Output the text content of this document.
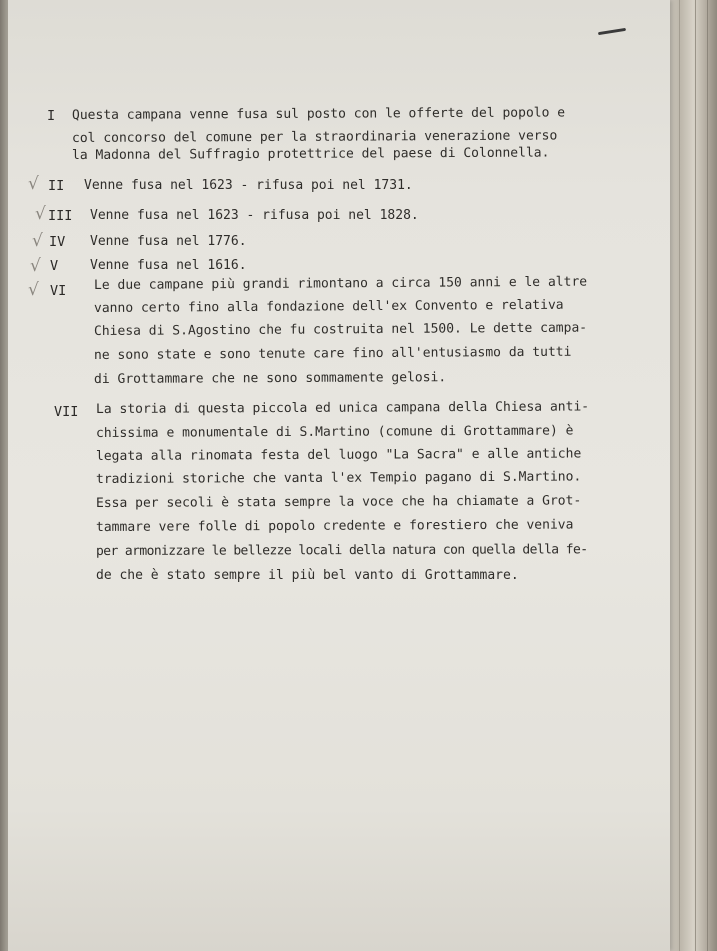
√
√
√
√
√
I Questa campana venne fusa sul posto con le offerte del popolo e
col concorso del comune per la straordinaria venerazione verso
la Madonna del Suffragio protettrice del paese di Colonnella.
II Venne fusa nel 1623 - rifusa poi nel 1731.
III Venne fusa nel 1623 - rifusa poi nel 1828.
IV Venne fusa nel 1776.
V Venne fusa nel 1616.
VI Le due campane più grandi rimontano a circa 150 anni e le altre
vanno certo fino alla fondazione dell'ex Convento e relativa
Chiesa di S.Agostino che fu costruita nel 1500. Le dette campa-
ne sono state e sono tenute care fino all'entusiasmo da tutti
di Grottammare che ne sono sommamente gelosi.
VII La storia di questa piccola ed unica campana della Chiesa anti-
chissima e monumentale di S.Martino (comune di Grottammare) è
legata alla rinomata festa del luogo "La Sacra" e alle antiche
tradizioni storiche che vanta l'ex Tempio pagano di S.Martino.
Essa per secoli è stata sempre la voce che ha chiamate a Grot-
tammare vere folle di popolo credente e forestiero che veniva
per armonizzare le bellezze locali della natura con quella della fe-
de che è stato sempre il più bel vanto di Grottammare.
